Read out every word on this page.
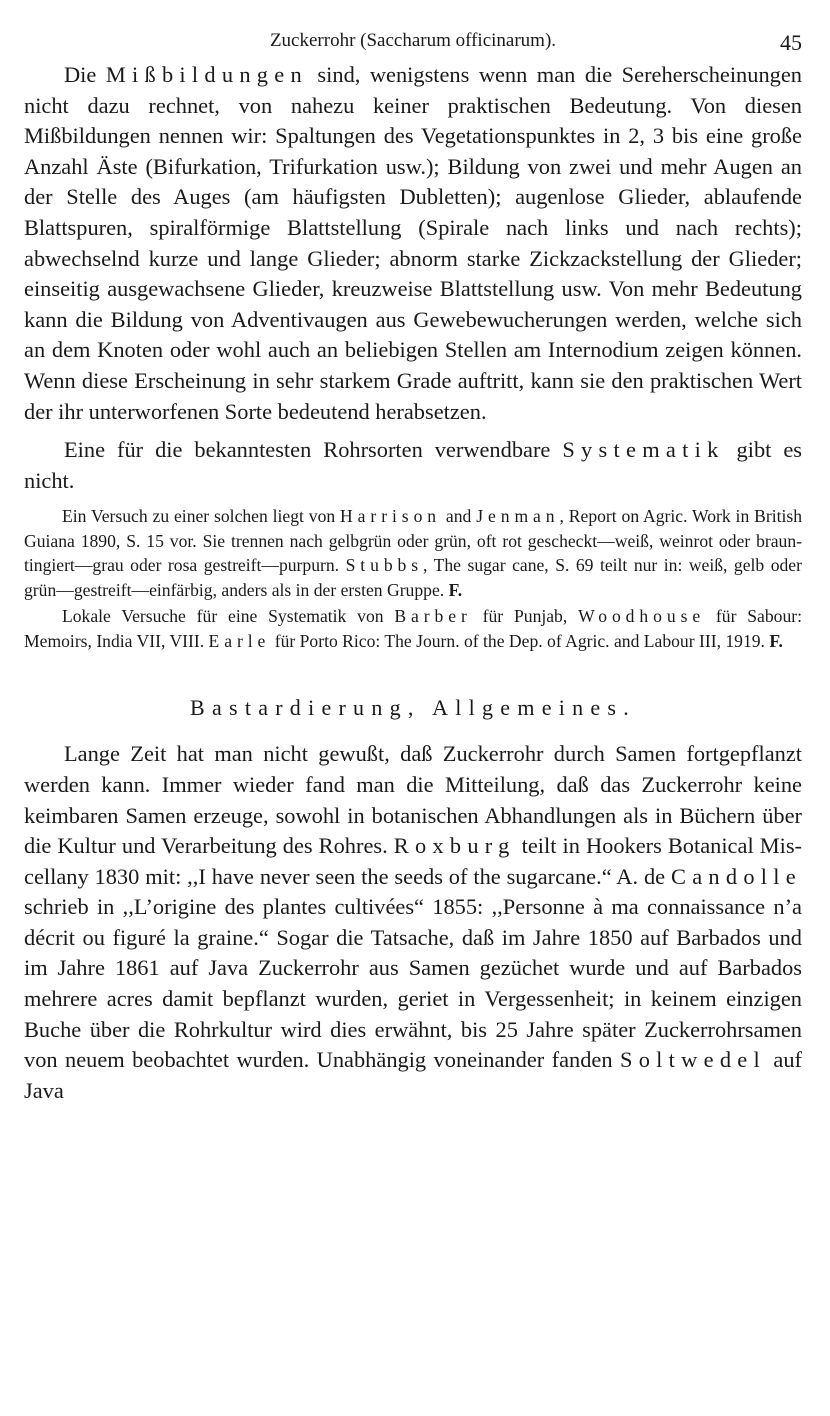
Zuckerrohr (Saccharum officinarum).	45

Die Mißbildungen sind, wenigstens wenn man die Sereherscheinungen nicht dazu rechnet, von nahezu keiner praktischen Bedeutung. Von diesen Mißbildungen nennen wir: Spaltungen des Vegetationspunktes in 2, 3 bis eine große Anzahl Äste (Bifurkation, Trifurkation usw.); Bildung von zwei und mehr Augen an der Stelle des Auges (am häufigsten Dubletten); augenlose Glieder, ablaufende Blattspuren, spiralförmige Blattstellung (Spirale nach links und nach rechts); abwechselnd kurze und lange Glieder; abnorm starke Zickzackstellung der Glieder; einseitig ausgewachsene Glieder, kreuzweise Blattstellung usw. Von mehr Bedeutung kann die Bildung von Adventivaugen aus Gewebewucherungen werden, welche sich an dem Knoten oder wohl auch an beliebigen Stellen am Internodium zeigen können. Wenn diese Erscheinung in sehr starkem Grade auftritt, kann sie den praktischen Wert der ihr unterworfenen Sorte bedeutend herabsetzen.

Eine für die bekanntesten Rohrsorten verwendbare Systematik gibt es nicht.

Ein Versuch zu einer solchen liegt von Harrison and Jenman, Report on Agric. Work in British Guiana 1890, S. 15 vor. Sie trennen nach gelbgrün oder grün, oft rot gescheckt—weiß, weinrot oder brauntingiert—grau oder rosa gestreift—purpurn. Stubbs, The sugar cane, S. 69 teilt nur in: weiß, gelb oder grün—gestreift—einfärbig, anders als in der ersten Gruppe. F.

Lokale Versuche für eine Systematik von Barber für Punjab, Woodhouse für Sabour: Memoirs, India VII, VIII. Earle für Porto Rico: The Journ. of the Dep. of Agric. and Labour III, 1919. F.

Bastardierung, Allgemeines.

Lange Zeit hat man nicht gewußt, daß Zuckerrohr durch Samen fortgepflanzt werden kann. Immer wieder fand man die Mitteilung, daß das Zuckerrohr keine keimbaren Samen erzeuge, sowohl in botanischen Abhandlungen als in Büchern über die Kultur und Verarbeitung des Rohres. Roxburg teilt in Hookers Botanical Miscellany 1830 mit: ,,I have never seen the seeds of the sugarcane.“ A. de Candolle schrieb in ,,L’origine des plantes cultivées“ 1855: ,,Personne à ma connaissance n’a décrit ou figuré la graine.“ Sogar die Tatsache, daß im Jahre 1850 auf Barbados und im Jahre 1861 auf Java Zuckerrohr aus Samen gezüchet wurde und auf Barbados mehrere acres damit bepflanzt wurden, geriet in Vergessenheit; in keinem einzigen Buche über die Rohrkultur wird dies erwähnt, bis 25 Jahre später Zuckerrohrsamen von neuem beobachtet wurden. Unabhängig voneinander fanden Soltwedel auf Java
